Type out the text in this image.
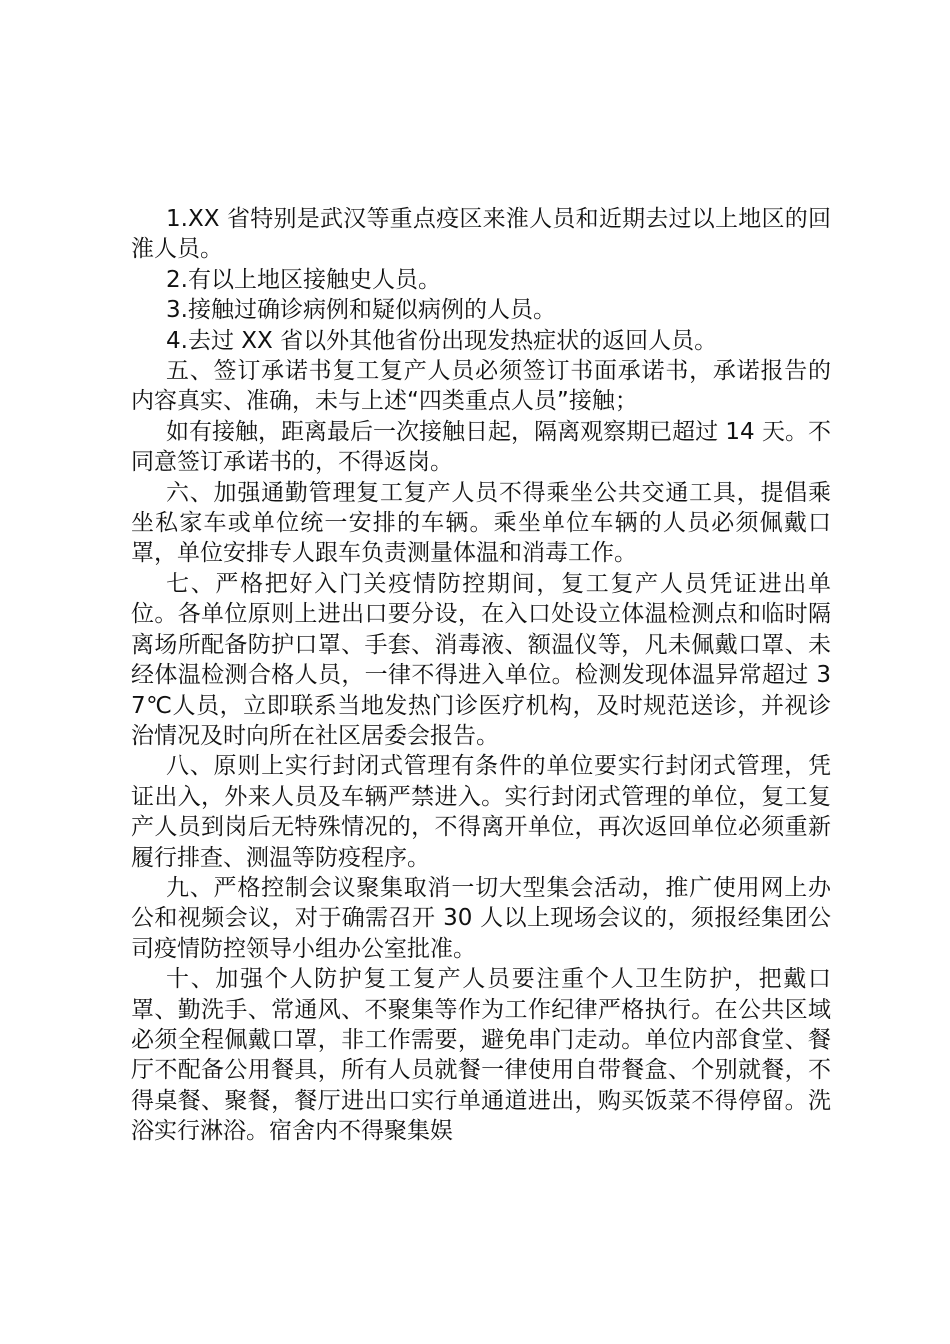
1.XX 省特别是武汉等重点疫区来淮人员和近期去过以上地区的回淮人员。

2.有以上地区接触史人员。

3.接触过确诊病例和疑似病例的人员。

4.去过 XX 省以外其他省份出现发热症状的返回人员。

五、签订承诺书复工复产人员必须签订书面承诺书，承诺报告的内容真实、准确，未与上述“四类重点人员”接触；

如有接触，距离最后一次接触日起，隔离观察期已超过 14 天。不同意签订承诺书的，不得返岗。

六、加强通勤管理复工复产人员不得乘坐公共交通工具，提倡乘坐私家车或单位统一安排的车辆。乘坐单位车辆的人员必须佩戴口罩，单位安排专人跟车负责测量体温和消毒工作。

七、严格把好入门关疫情防控期间，复工复产人员凭证进出单位。各单位原则上进出口要分设，在入口处设立体温检测点和临时隔离场所配备防护口罩、手套、消毒液、额温仪等，凡未佩戴口罩、未经体温检测合格人员，一律不得进入单位。检测发现体温异常超过 37℃人员，立即联系当地发热门诊医疗机构，及时规范送诊，并视诊治情况及时向所在社区居委会报告。

八、原则上实行封闭式管理有条件的单位要实行封闭式管理，凭证出入，外来人员及车辆严禁进入。实行封闭式管理的单位，复工复产人员到岗后无特殊情况的，不得离开单位，再次返回单位必须重新履行排查、测温等防疫程序。

九、严格控制会议聚集取消一切大型集会活动，推广使用网上办公和视频会议，对于确需召开 30 人以上现场会议的，须报经集团公司疫情防控领导小组办公室批准。

十、加强个人防护复工复产人员要注重个人卫生防护，把戴口罩、勤洗手、常通风、不聚集等作为工作纪律严格执行。在公共区域必须全程佩戴口罩，非工作需要，避免串门走动。单位内部食堂、餐厅不配备公用餐具，所有人员就餐一律使用自带餐盒、个别就餐，不得桌餐、聚餐，餐厅进出口实行单通道进出，购买饭菜不得停留。洗浴实行淋浴。宿舍内不得聚集娱
